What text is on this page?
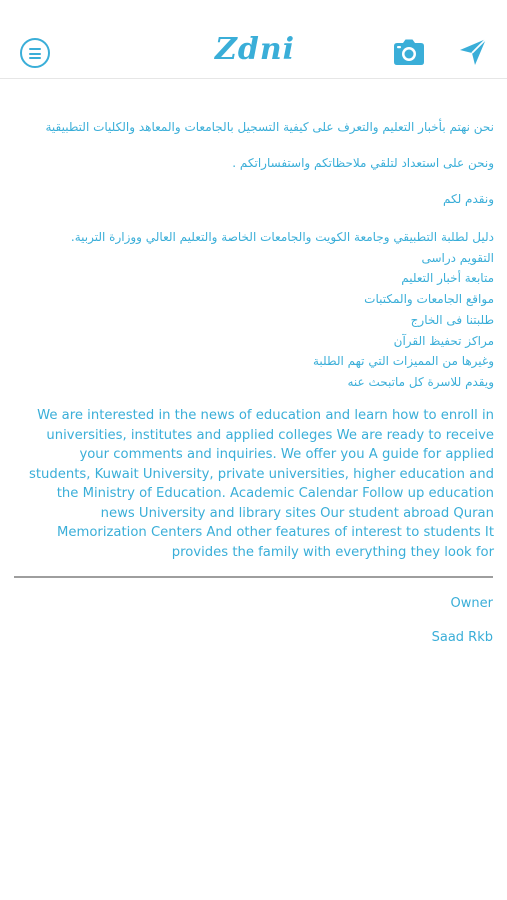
Zdni

نحن نهتم بأخبار التعليم والتعرف على كيفية التسجيل بالجامعات والمعاهد والكليات التطبيقية

ونحن على استعداد لتلقي ملاحظاتكم واستفساراتكم .

ونقدم لكم

دليل لطلبة التطبيقي وجامعة الكويت والجامعات الخاصة والتعليم العالي ووزارة التربية.
التقويم دراسى
متابعة أخبار التعليم
مواقع الجامعات والمكتبات
طلبتنا فى الخارج
مراكز تحفيظ القرآن
وغيرها من المميزات التي تهم الطلبة
ويقدم للاسرة كل ماتبحث عنه
We are interested in the news of education and learn how to enroll in
universities, institutes and applied colleges We are ready to receive
your comments and inquiries. We offer you A guide for applied
students, Kuwait University, private universities, higher education and
the Ministry of Education. Academic Calendar Follow up education
news University and library sites Our student abroad Quran
Memorization Centers And other features of interest to students It
provides the family with everything they look for
Owner
Saad Rkb
